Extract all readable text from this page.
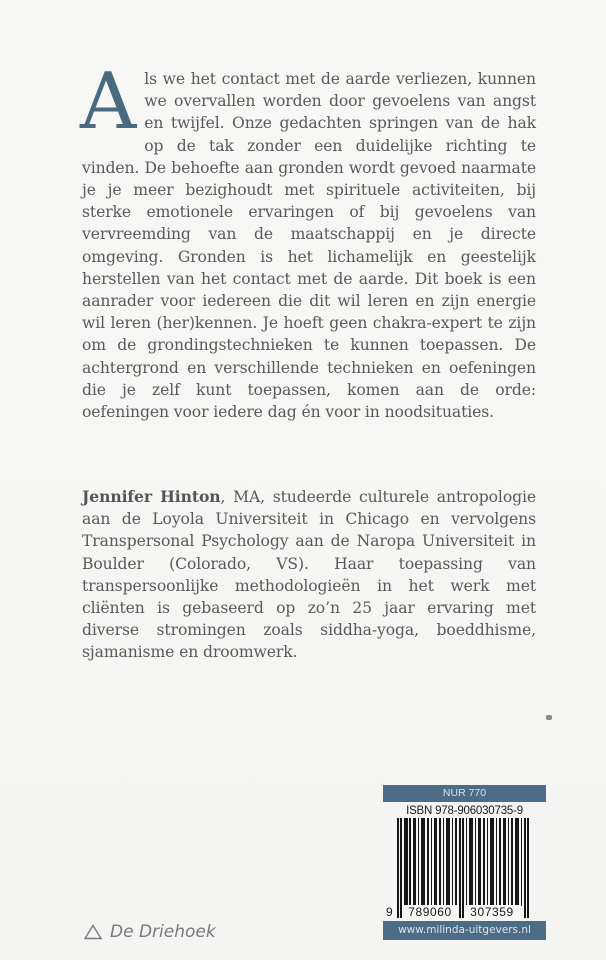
Als we het contact met de aarde verliezen, kunnen we overvallen worden door gevoelens van angst en twijfel. Onze gedachten springen van de hak op de tak zonder een duidelijke richting te vinden. De behoefte aan gronden wordt gevoed naarmate je je meer bezighoudt met spirituele activiteiten, bij sterke emotionele ervaringen of bij gevoelens van vervreemding van de maatschappij en je directe omgeving. Gronden is het lichamelijk en geestelijk herstellen van het contact met de aarde. Dit boek is een aanrader voor iedereen die dit wil leren en zijn energie wil leren (her)kennen. Je hoeft geen chakra-expert te zijn om de grondingstechnieken te kunnen toepassen. De achtergrond en verschillende technieken en oefeningen die je zelf kunt toepassen, komen aan de orde: oefeningen voor iedere dag én voor in noodsituaties.
Jennifer Hinton, MA, studeerde culturele antropologie aan de Loyola Universiteit in Chicago en vervolgens Transpersonal Psychology aan de Naropa Universiteit in Boulder (Colorado, VS). Haar toepassing van transpersoonlijke methodologieën in het werk met cliënten is gebaseerd op zo’n 25 jaar ervaring met diverse stromingen zoals siddha-yoga, boeddhisme, sjamanisme en droomwerk.
NUR 770
ISBN 978-906030735-9
9	789060	307359
www.milinda-uitgevers.nl
De Driehoek
